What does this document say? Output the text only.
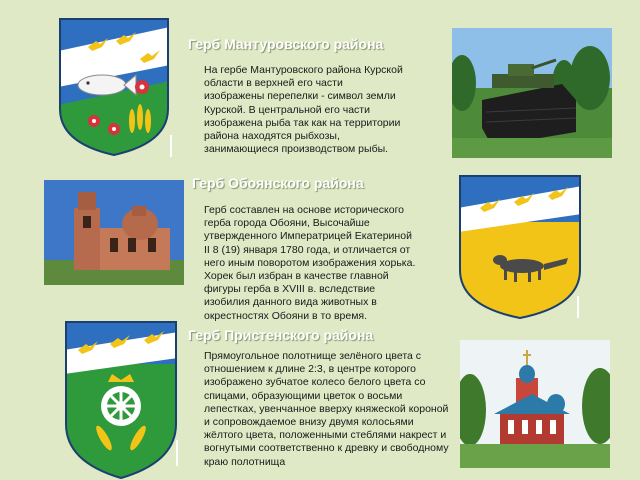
Герб Мантуровского района

На гербе Мантуровского района Курской области в верхней его части изображены перепелки - символ земли Курской. В центральной его части изображена рыба так как на территории района находятся рыбхозы, занимающиеся производством рыбы.

Герб Обоянского района

Герб составлен на основе исторического герба города Обояни, Высочайше утвержденного Императрицей Екатериной II 8 (19) января 1780 года, и отличается от него иным поворотом изображения хорька. Хорек был избран в качестве главной фигуры герба в XVIII в. вследствие изобилия данного вида животных в окрестностях Обояни в то время.

Герб Пристенского района

Прямоугольное полотнище зелёного цвета с отношением к длине 2:3, в центре которого изображено зубчатое колесо белого цвета со спицами, образующими цветок о восьми лепестках, увенчанное вверху княжеской короной и сопровождаемое внизу двумя колосьями жёлтого цвета, положенными стеблями накрест и вогнутыми соответственно к древку и свободному краю полотнища
